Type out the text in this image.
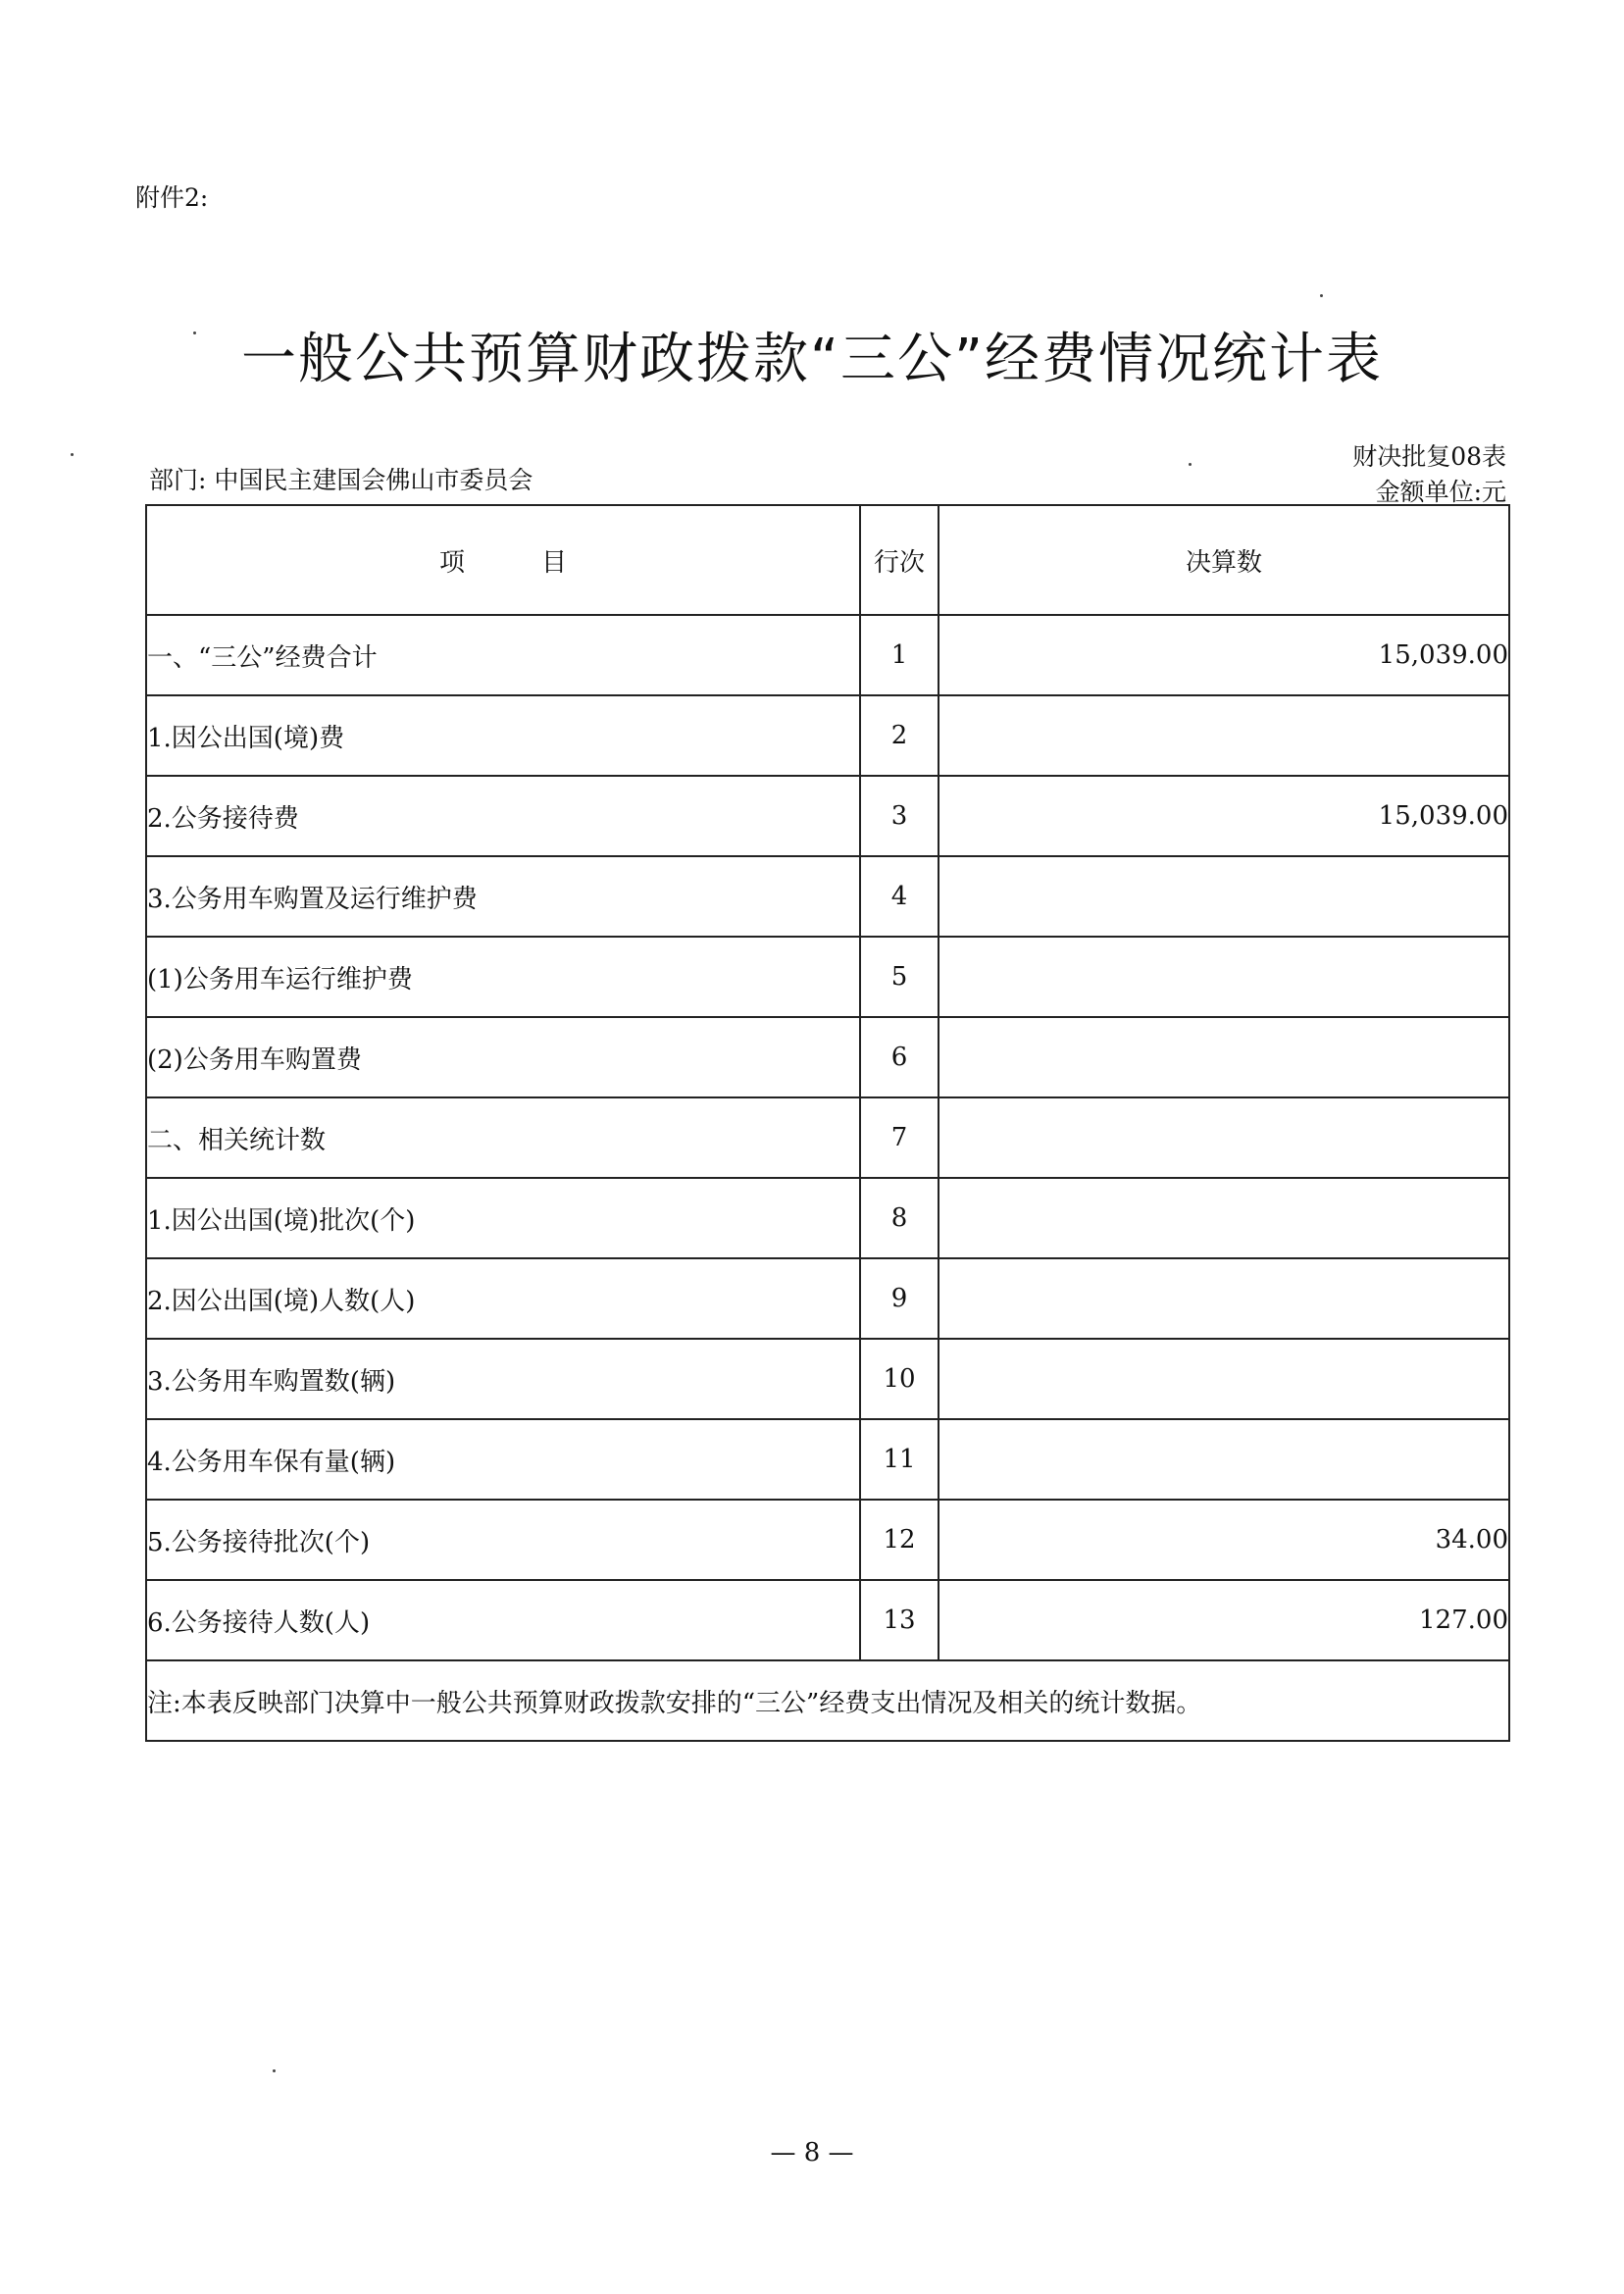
附件2:
一般公共预算财政拨款“三公”经费情况统计表
部门: 中国民主建国会佛山市委员会
财决批复08表
金额单位:元
项　　　目	行次	决算数
一、“三公”经费合计	1	15,039.00
1.因公出国(境)费	2	
2.公务接待费	3	15,039.00
3.公务用车购置及运行维护费	4	
(1)公务用车运行维护费	5	
(2)公务用车购置费	6	
二、相关统计数	7	
1.因公出国(境)批次(个)	8	
2.因公出国(境)人数(人)	9	
3.公务用车购置数(辆)	10	
4.公务用车保有量(辆)	11	
5.公务接待批次(个)	12	34.00
6.公务接待人数(人)	13	127.00
注:本表反映部门决算中一般公共预算财政拨款安排的“三公”经费支出情况及相关的统计数据。		
— 8 —
